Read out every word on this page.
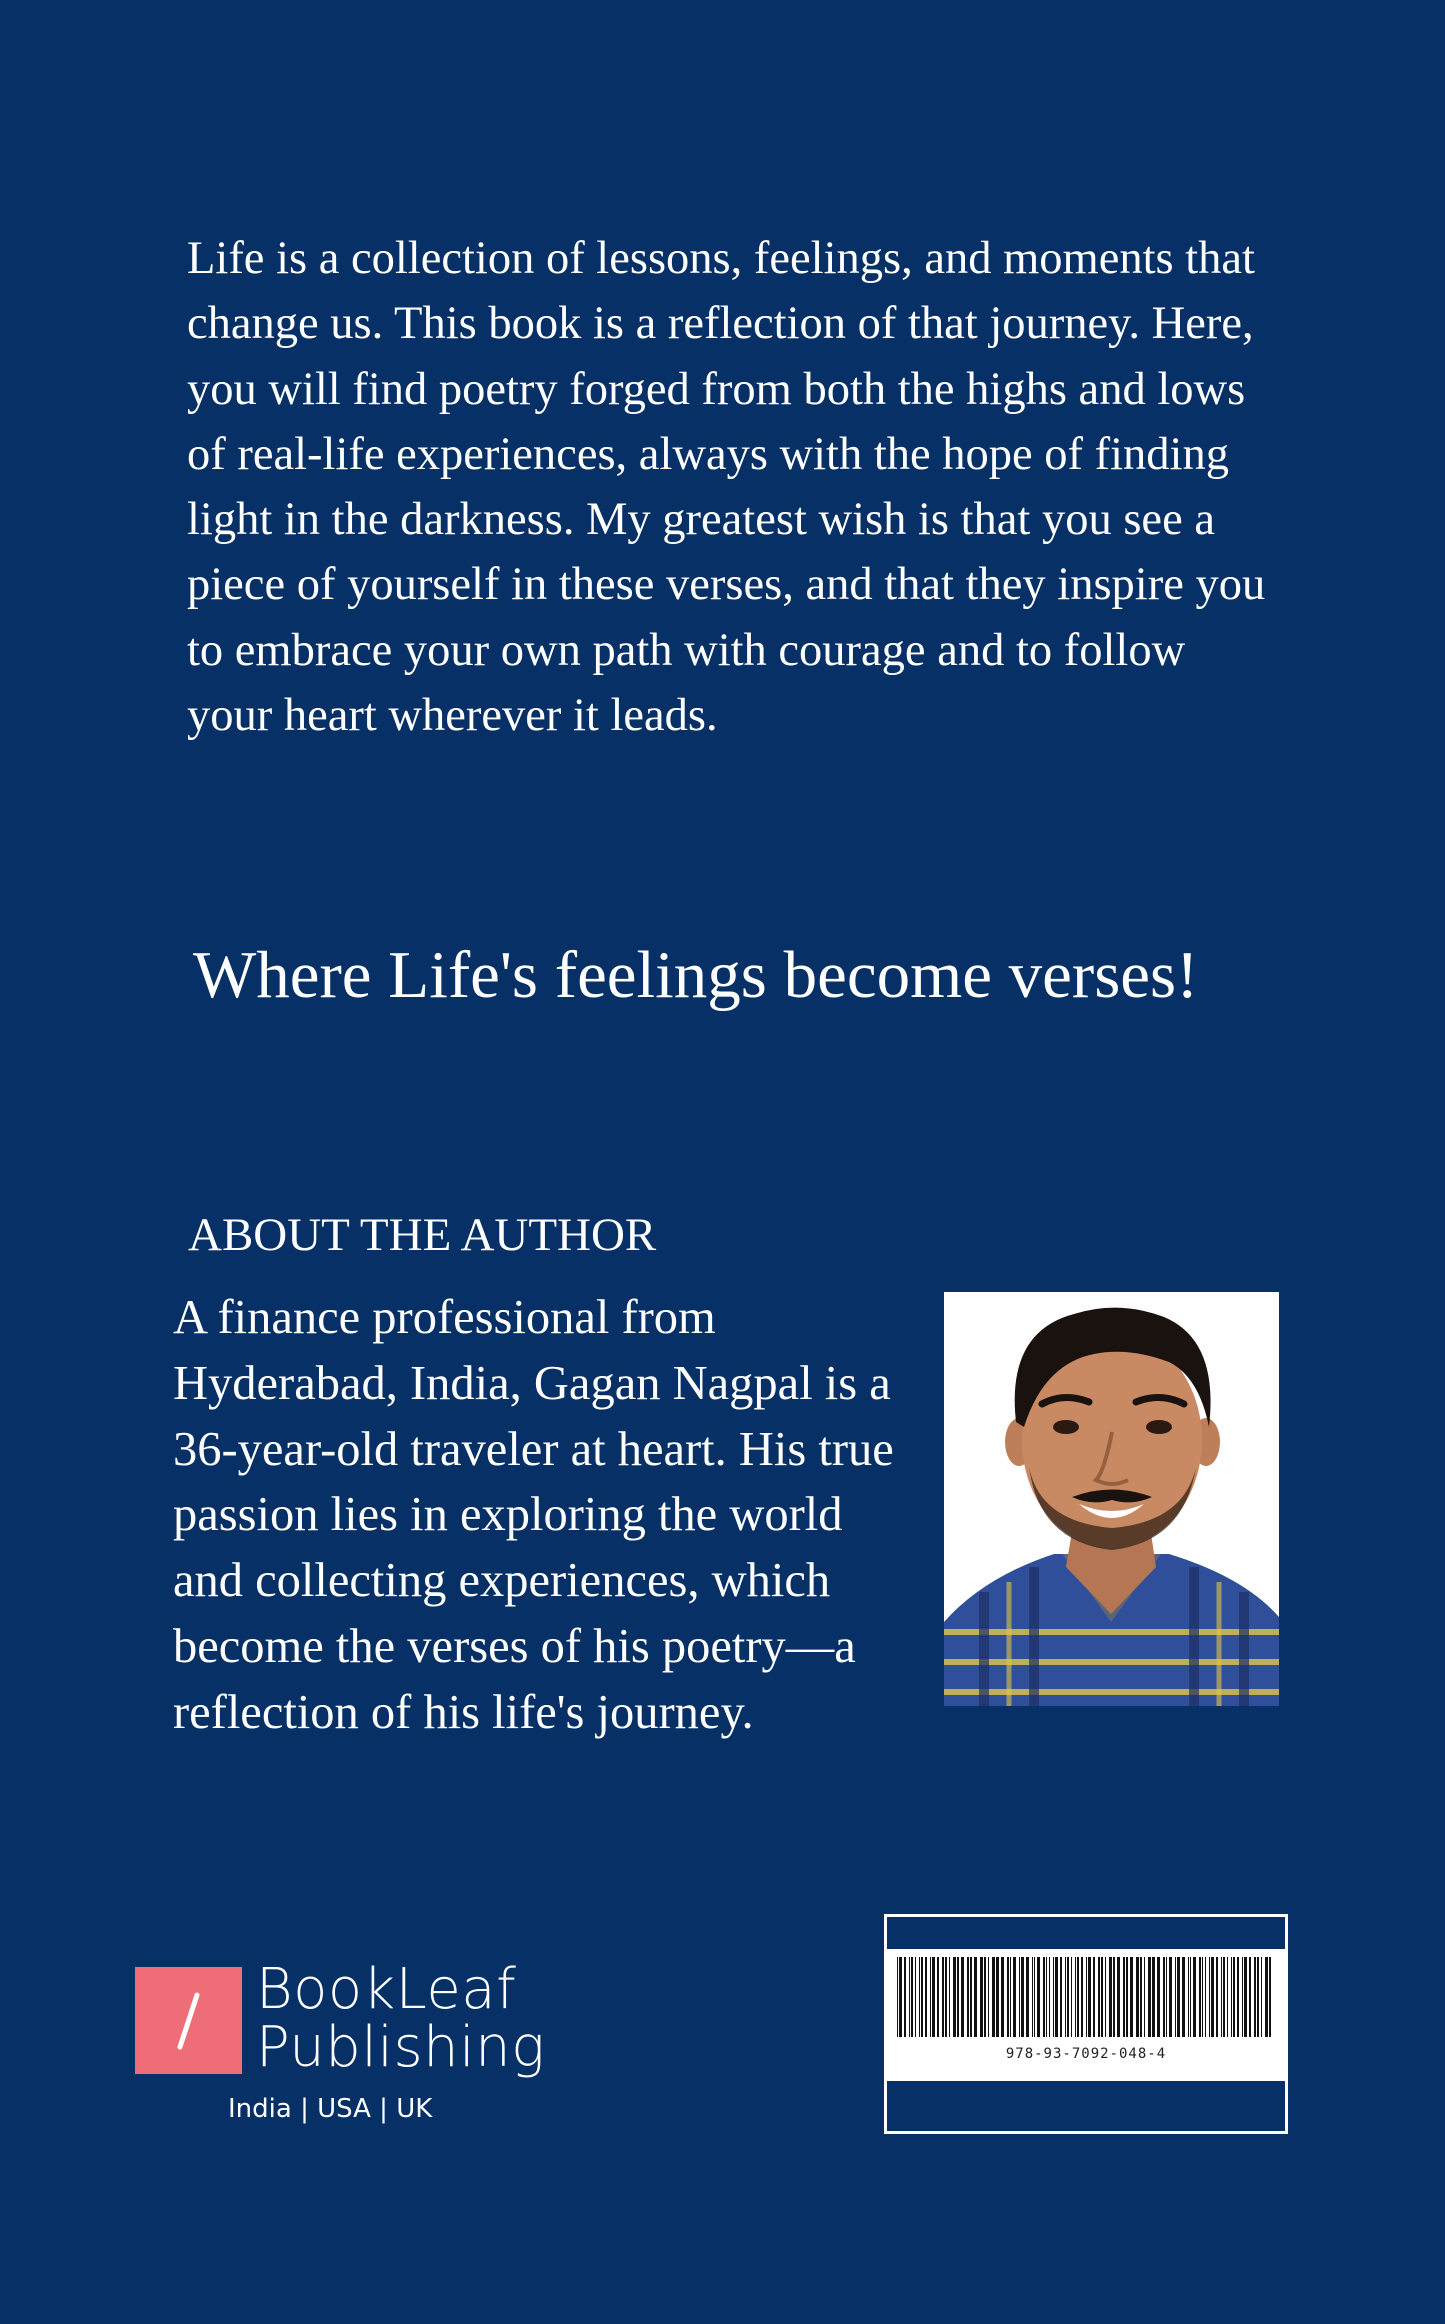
Life is a collection of lessons, feelings, and moments that change us. This book is a reflection of that journey. Here, you will find poetry forged from both the highs and lows of real-life experiences, always with the hope of finding light in the darkness. My greatest wish is that you see a piece of yourself in these verses, and that they inspire you to embrace your own path with courage and to follow your heart wherever it leads.

Where Life's feelings become verses!

ABOUT THE AUTHOR

A finance professional from Hyderabad, India, Gagan Nagpal is a 36-year-old traveler at heart. His true passion lies in exploring the world and collecting experiences, which become the verses of his poetry—a reflection of his life's journey.

BookLeaf
Publishing
India | USA | UK
978-93-7092-048-4
